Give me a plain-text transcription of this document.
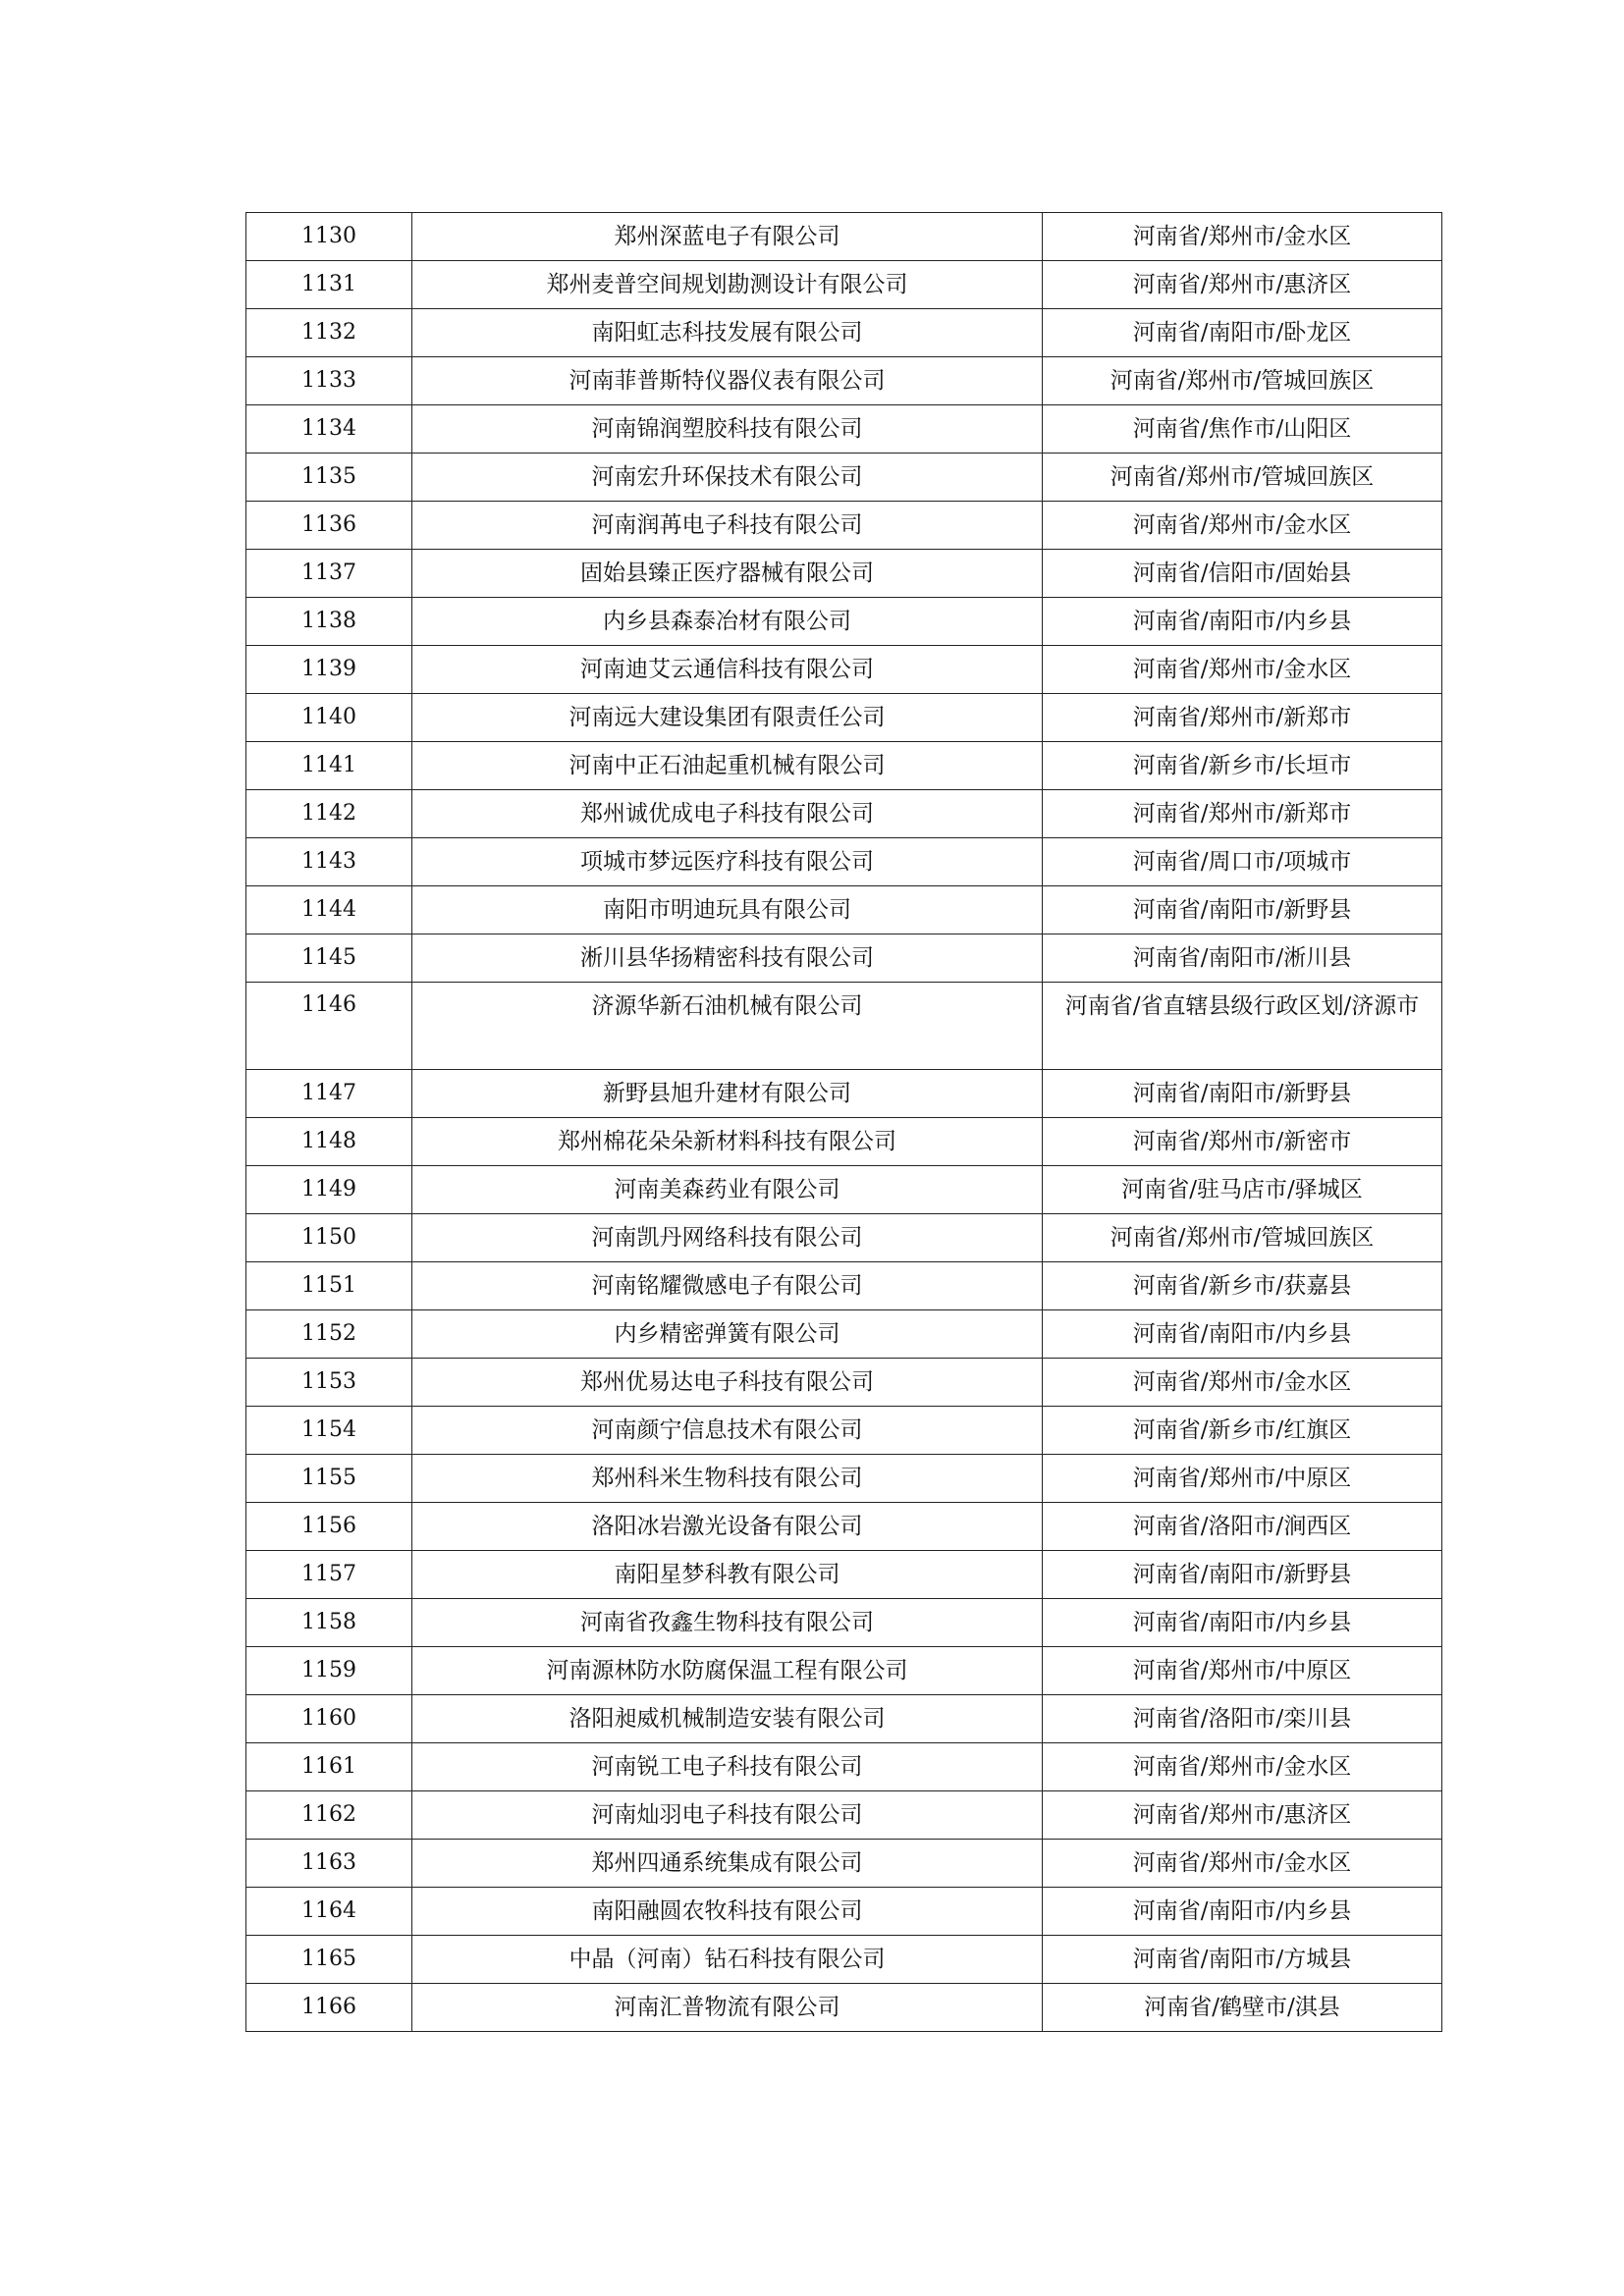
1130	郑州深蓝电子有限公司	河南省/郑州市/金水区
1131	郑州麦普空间规划勘测设计有限公司	河南省/郑州市/惠济区
1132	南阳虹志科技发展有限公司	河南省/南阳市/卧龙区
1133	河南菲普斯特仪器仪表有限公司	河南省/郑州市/管城回族区
1134	河南锦润塑胶科技有限公司	河南省/焦作市/山阳区
1135	河南宏升环保技术有限公司	河南省/郑州市/管城回族区
1136	河南润苒电子科技有限公司	河南省/郑州市/金水区
1137	固始县臻正医疗器械有限公司	河南省/信阳市/固始县
1138	内乡县森泰冶材有限公司	河南省/南阳市/内乡县
1139	河南迪艾云通信科技有限公司	河南省/郑州市/金水区
1140	河南远大建设集团有限责任公司	河南省/郑州市/新郑市
1141	河南中正石油起重机械有限公司	河南省/新乡市/长垣市
1142	郑州诚优成电子科技有限公司	河南省/郑州市/新郑市
1143	项城市梦远医疗科技有限公司	河南省/周口市/项城市
1144	南阳市明迪玩具有限公司	河南省/南阳市/新野县
1145	淅川县华扬精密科技有限公司	河南省/南阳市/淅川县
1146	济源华新石油机械有限公司	河南省/省直辖县级行政区划/济源市
1147	新野县旭升建材有限公司	河南省/南阳市/新野县
1148	郑州棉花朵朵新材料科技有限公司	河南省/郑州市/新密市
1149	河南美森药业有限公司	河南省/驻马店市/驿城区
1150	河南凯丹网络科技有限公司	河南省/郑州市/管城回族区
1151	河南铭耀微感电子有限公司	河南省/新乡市/获嘉县
1152	内乡精密弹簧有限公司	河南省/南阳市/内乡县
1153	郑州优易达电子科技有限公司	河南省/郑州市/金水区
1154	河南颜宁信息技术有限公司	河南省/新乡市/红旗区
1155	郑州科米生物科技有限公司	河南省/郑州市/中原区
1156	洛阳冰岩激光设备有限公司	河南省/洛阳市/涧西区
1157	南阳星梦科教有限公司	河南省/南阳市/新野县
1158	河南省孜鑫生物科技有限公司	河南省/南阳市/内乡县
1159	河南源林防水防腐保温工程有限公司	河南省/郑州市/中原区
1160	洛阳昶威机械制造安装有限公司	河南省/洛阳市/栾川县
1161	河南锐工电子科技有限公司	河南省/郑州市/金水区
1162	河南灿羽电子科技有限公司	河南省/郑州市/惠济区
1163	郑州四通系统集成有限公司	河南省/郑州市/金水区
1164	南阳融圆农牧科技有限公司	河南省/南阳市/内乡县
1165	中晶（河南）钻石科技有限公司	河南省/南阳市/方城县
1166	河南汇普物流有限公司	河南省/鹤壁市/淇县
